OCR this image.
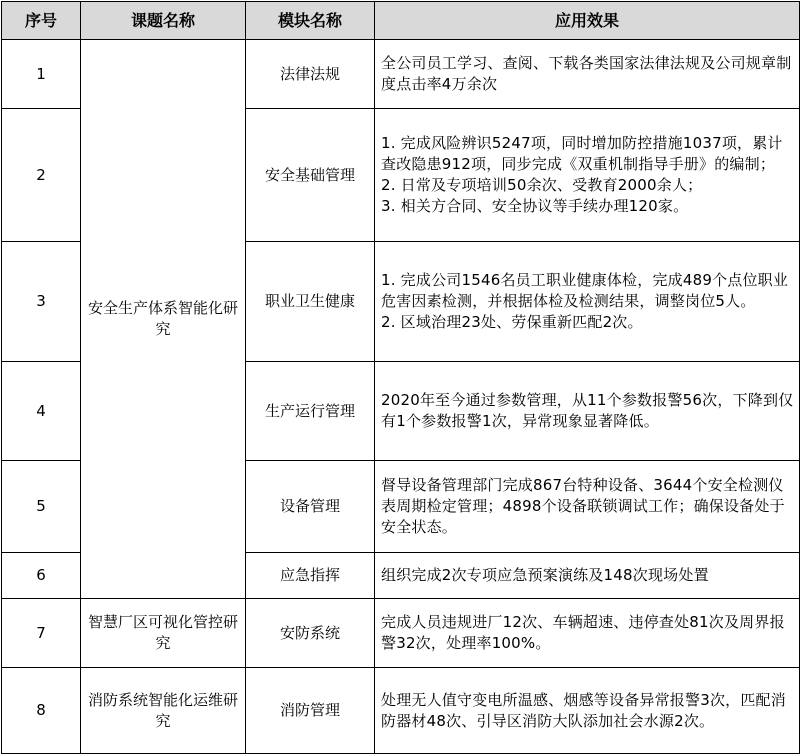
序号	课题名称	模块名称	应用效果
1	安全生产体系智能化研究	法律法规	全公司员工学习、查阅、下载各类国家法律法规及公司规章制度点击率4万余次
2		安全基础管理	1. 完成风险辨识5247项，同时增加防控措施1037项，累计查改隐患912项，同步完成《双重机制指导手册》的编制；
2. 日常及专项培训50余次、受教育2000余人；
3. 相关方合同、安全协议等手续办理120家。
3		职业卫生健康	1. 完成公司1546名员工职业健康体检，完成489个点位职业危害因素检测，并根据体检及检测结果，调整岗位5人。
2. 区域治理23处、劳保重新匹配2次。
4		生产运行管理	2020年至今通过参数管理，从11个参数报警56次，下降到仅有1个参数报警1次，异常现象显著降低。
5		设备管理	督导设备管理部门完成867台特种设备、3644个安全检测仪表周期检定管理；4898个设备联锁调试工作；确保设备处于安全状态。
6		应急指挥	组织完成2次专项应急预案演练及148次现场处置
7	智慧厂区可视化管控研究	安防系统	完成人员违规进厂12次、车辆超速、违停查处81次及周界报警32次，处理率100%。
8	消防系统智能化运维研究	消防管理	处理无人值守变电所温感、烟感等设备异常报警3次，匹配消防器材48次、引导区消防大队添加社会水源2次。
